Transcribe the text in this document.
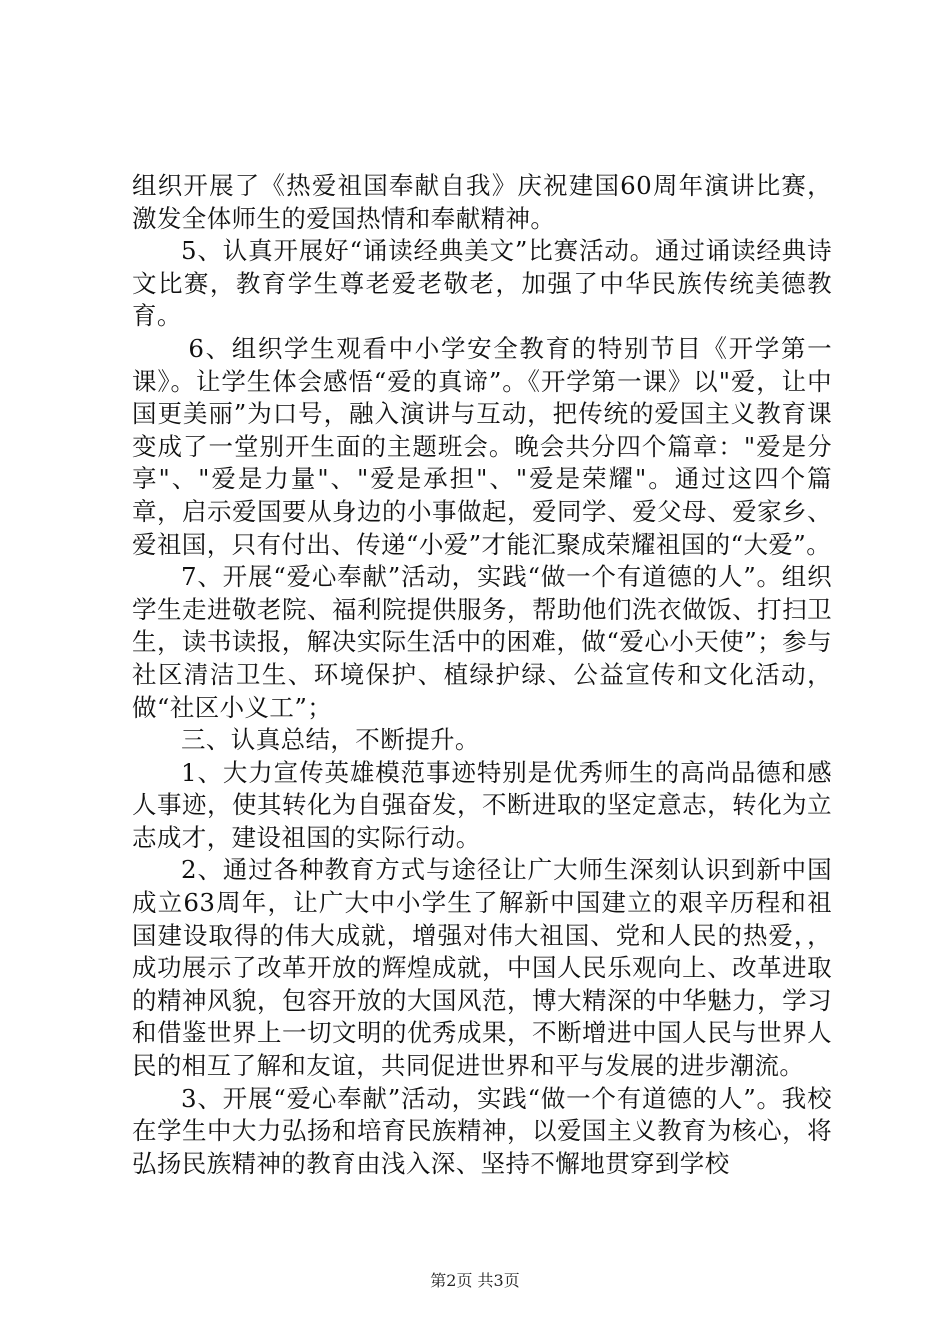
组织开展了《热爱祖国奉献自我》庆祝建国60周年演讲比赛，激发全体师生的爱国热情和奉献精神。

5、认真开展好“诵读经典美文”比赛活动。通过诵读经典诗文比赛，教育学生尊老爱老敬老，加强了中华民族传统美德教育。

6、组织学生观看中小学安全教育的特别节目《开学第一课》。让学生体会感悟“爱的真谛”。《开学第一课》以"爱，让中国更美丽”为口号，融入演讲与互动，把传统的爱国主义教育课变成了一堂别开生面的主题班会。晚会共分四个篇章："爱是分享"、"爱是力量"、"爱是承担"、"爱是荣耀"。通过这四个篇章，启示爱国要从身边的小事做起，爱同学、爱父母、爱家乡、爱祖国，只有付出、传递“小爱”才能汇聚成荣耀祖国的“大爱”。

7、开展“爱心奉献”活动，实践“做一个有道德的人”。组织学生走进敬老院、福利院提供服务，帮助他们洗衣做饭、打扫卫生，读书读报，解决实际生活中的困难，做“爱心小天使”；参与社区清洁卫生、环境保护、植绿护绿、公益宣传和文化活动，做“社区小义工”；

三、认真总结，不断提升。

1、大力宣传英雄模范事迹特别是优秀师生的高尚品德和感人事迹，使其转化为自强奋发，不断进取的坚定意志，转化为立志成才，建设祖国的实际行动。

2、通过各种教育方式与途径让广大师生深刻认识到新中国成立63周年，让广大中小学生了解新中国建立的艰辛历程和祖国建设取得的伟大成就，增强对伟大祖国、党和人民的热爱，，成功展示了改革开放的辉煌成就，中国人民乐观向上、改革进取的精神风貌，包容开放的大国风范，博大精深的中华魅力，学习和借鉴世界上一切文明的优秀成果，不断增进中国人民与世界人民的相互了解和友谊，共同促进世界和平与发展的进步潮流。

3、开展“爱心奉献”活动，实践“做一个有道德的人”。我校在学生中大力弘扬和培育民族精神，以爱国主义教育为核心，将弘扬民族精神的教育由浅入深、坚持不懈地贯穿到学校

第2页 共3页
